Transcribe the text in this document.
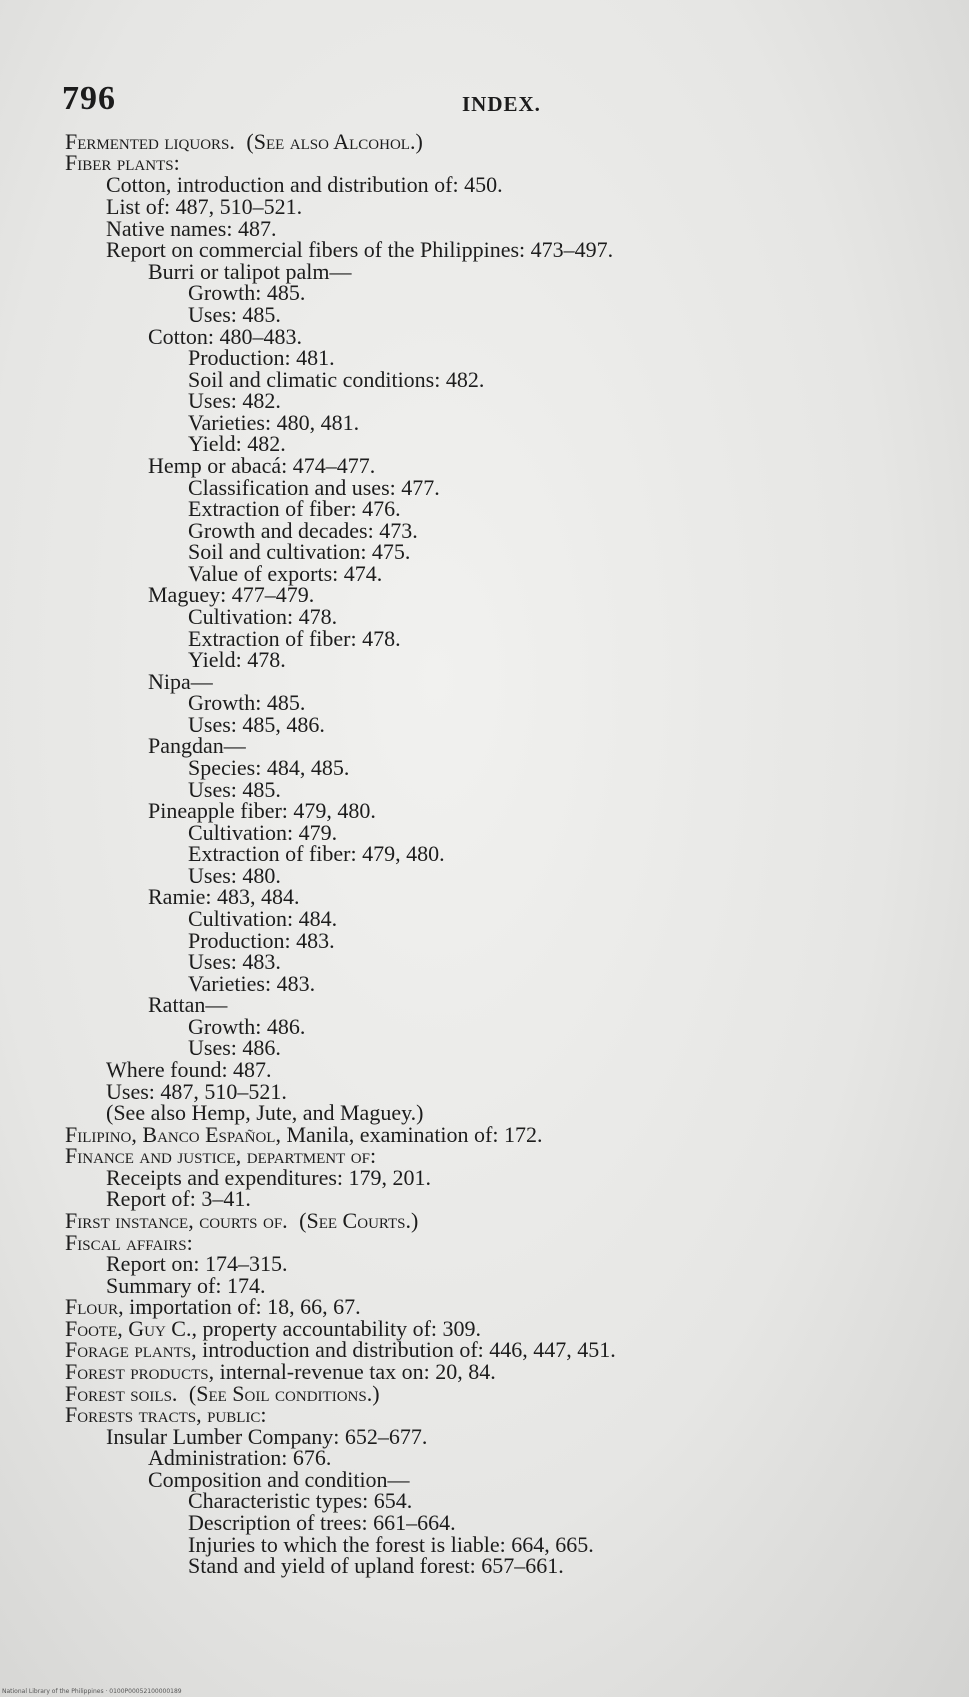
796	INDEX.
Fermented liquors. (See also Alcohol.)
Fiber plants:
Cotton, introduction and distribution of: 450.
List of: 487, 510–521.
Native names: 487.
Report on commercial fibers of the Philippines: 473–497.
Burri or talipot palm—
Growth: 485.
Uses: 485.
Cotton: 480–483.
Production: 481.
Soil and climatic conditions: 482.
Uses: 482.
Varieties: 480, 481.
Yield: 482.
Hemp or abacá: 474–477.
Classification and uses: 477.
Extraction of fiber: 476.
Growth and decades: 473.
Soil and cultivation: 475.
Value of exports: 474.
Maguey: 477–479.
Cultivation: 478.
Extraction of fiber: 478.
Yield: 478.
Nipa—
Growth: 485.
Uses: 485, 486.
Pangdan—
Species: 484, 485.
Uses: 485.
Pineapple fiber: 479, 480.
Cultivation: 479.
Extraction of fiber: 479, 480.
Uses: 480.
Ramie: 483, 484.
Cultivation: 484.
Production: 483.
Uses: 483.
Varieties: 483.
Rattan—
Growth: 486.
Uses: 486.
Where found: 487.
Uses: 487, 510–521.
(See also Hemp, Jute, and Maguey.)
Filipino, Banco Español, Manila, examination of: 172.
Finance and justice, department of:
Receipts and expenditures: 179, 201.
Report of: 3–41.
First instance, courts of. (See Courts.)
Fiscal affairs:
Report on: 174–315.
Summary of: 174.
Flour, importation of: 18, 66, 67.
Foote, Guy C., property accountability of: 309.
Forage plants, introduction and distribution of: 446, 447, 451.
Forest products, internal-revenue tax on: 20, 84.
Forest soils. (See Soil conditions.)
Forests tracts, public:
Insular Lumber Company: 652–677.
Administration: 676.
Composition and condition—
Characteristic types: 654.
Description of trees: 661–664.
Injuries to which the forest is liable: 664, 665.
Stand and yield of upland forest: 657–661.
National Library of the Philippines · 0100P00052100000189
